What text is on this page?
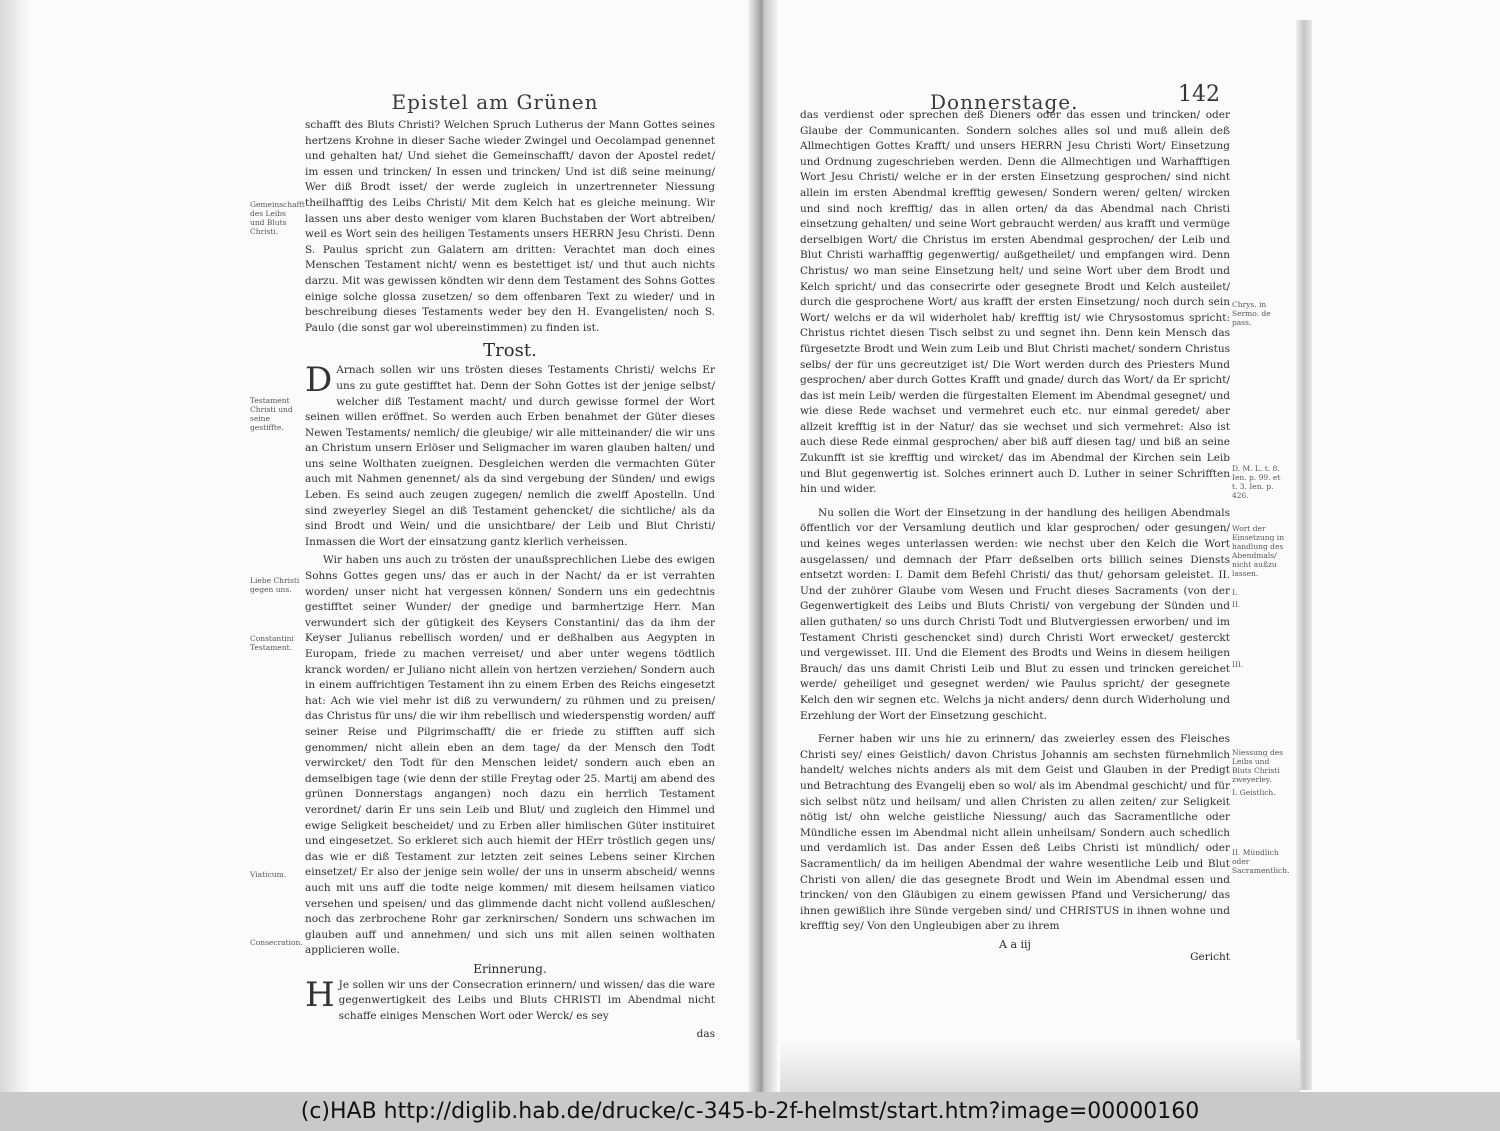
Epistel am Grünen
Gemeinschafft des Leibs und Bluts Christi.
Testament Christi und seine gestiffte.
Liebe Christi gegen uns.
Constantini Testament.
Viaticum.
Consecration.

schafft des Bluts Christi? Welchen Spruch Lutherus der Mann Gottes seines hertzens Krohne in dieser Sache wieder Zwingel und Oecolampad genennet und gehalten hat/ Und siehet die Gemeinschafft/ davon der Apostel redet/ im essen und trincken/ In essen und trincken/ Und ist diß seine meinung/ Wer diß Brodt isset/ der werde zugleich in unzertrenneter Niessung theilhafftig des Leibs Christi/ Mit dem Kelch hat es gleiche meinung. Wir lassen uns aber desto weniger vom klaren Buchstaben der Wort abtreiben/ weil es Wort sein des heiligen Testaments unsers HERRN Jesu Christi. Denn S. Paulus spricht zun Galatern am dritten: Verachtet man doch eines Menschen Testament nicht/ wenn es bestettiget ist/ und thut auch nichts darzu. Mit was gewissen köndten wir denn dem Testament des Sohns Gottes einige solche glossa zusetzen/ so dem offenbaren Text zu wieder/ und in beschreibung dieses Testaments weder bey den H. Evangelisten/ noch S. Paulo (die sonst gar wol ubereinstimmen) zu finden ist.

Trost.

D Arnach sollen wir uns trösten dieses Testaments Christi/ welchs Er uns zu gute gestifftet hat. Denn der Sohn Gottes ist der jenige selbst/ welcher diß Testament macht/ und durch gewisse formel der Wort seinen willen eröffnet. So werden auch Erben benahmet der Güter dieses Newen Testaments/ nemlich/ die gleubige/ wir alle mitteinander/ die wir uns an Christum unsern Erlöser und Seligmacher im waren glauben halten/ und uns seine Wolthaten zueignen. Desgleichen werden die vermachten Güter auch mit Nahmen genennet/ als da sind vergebung der Sünden/ und ewigs Leben. Es seind auch zeugen zugegen/ nemlich die zwelff Apostelln. Und sind zweyerley Siegel an diß Testament gehencket/ die sichtliche/ als da sind Brodt und Wein/ und die unsichtbare/ der Leib und Blut Christi/ Inmassen die Wort der einsatzung gantz klerlich verheissen.

Wir haben uns auch zu trösten der unaußsprechlichen Liebe des ewigen Sohns Gottes gegen uns/ das er auch in der Nacht/ da er ist verrahten worden/ unser nicht hat vergessen können/ Sondern uns ein gedechtnis gestifftet seiner Wunder/ der gnedige und barmhertzige Herr. Man verwundert sich der gütigkeit des Keysers Constantini/ das da ihm der Keyser Julianus rebellisch worden/ und er deßhalben aus Aegypten in Europam, friede zu machen verreiset/ und aber unter wegens tödtlich kranck worden/ er Juliano nicht allein von hertzen verziehen/ Sondern auch in einem auffrichtigen Testament ihn zu einem Erben des Reichs eingesetzt hat: Ach wie viel mehr ist diß zu verwundern/ zu rühmen und zu preisen/ das Christus für uns/ die wir ihm rebellisch und wiederspenstig worden/ auff seiner Reise und Pilgrimschafft/ die er friede zu stifften auff sich genommen/ nicht allein eben an dem tage/ da der Mensch den Todt verwircket/ den Todt für den Menschen leidet/ sondern auch eben an demselbigen tage (wie denn der stille Freytag oder 25. Martij am abend des grünen Donnerstags angangen) noch dazu ein herrlich Testament verordnet/ darin Er uns sein Leib und Blut/ und zugleich den Himmel und ewige Seligkeit bescheidet/ und zu Erben aller himlischen Güter instituiret und eingesetzet. So erkleret sich auch hiemit der HErr tröstlich gegen uns/ das wie er diß Testament zur letzten zeit seines Lebens seiner Kirchen einsetzet/ Er also der jenige sein wolle/ der uns in unserm abscheid/ wenns auch mit uns auff die todte neige kommen/ mit diesem heilsamen viatico versehen und speisen/ und das glimmende dacht nicht vollend außleschen/ noch das zerbrochene Rohr gar zerknirschen/ Sondern uns schwachen im glauben auff und annehmen/ und sich uns mit allen seinen wolthaten applicieren wolle.

Erinnerung.

H Je sollen wir uns der Consecration erinnern/ und wissen/ das die ware gegenwertigkeit des Leibs und Bluts CHRISTI im Abendmal nicht schaffe einiges Menschen Wort oder Werck/ es sey

das
Donnerstage.	142
Chrys. in Sermo. de pass.
D. M. L. t. 8. Ien. p. 99. et t. 3. Ien. p. 426.
Wort der Einsetzung in handlung des Abendmals/ nicht außzu lassen.
I.
II.
III.
Niessung des Leibs und Bluts Christi zweyerley.
I. Geistlich.
II. Mündlich oder Sacramentlich.

das verdienst oder sprechen deß Dieners oder das essen und trincken/ oder Glaube der Communicanten. Sondern solches alles sol und muß allein deß Allmechtigen Gottes Krafft/ und unsers HERRN Jesu Christi Wort/ Einsetzung und Ordnung zugeschrieben werden. Denn die Allmechtigen und Warhafftigen Wort Jesu Christi/ welche er in der ersten Einsetzung gesprochen/ sind nicht allein im ersten Abendmal krefftig gewesen/ Sondern weren/ gelten/ wircken und sind noch krefftig/ das in allen orten/ da das Abendmal nach Christi einsetzung gehalten/ und seine Wort gebraucht werden/ aus krafft und vermüge derselbigen Wort/ die Christus im ersten Abendmal gesprochen/ der Leib und Blut Christi warhafftig gegenwertig/ außgetheilet/ und empfangen wird. Denn Christus/ wo man seine Einsetzung helt/ und seine Wort uber dem Brodt und Kelch spricht/ und das consecrirte oder gesegnete Brodt und Kelch austeilet/ durch die gesprochene Wort/ aus krafft der ersten Einsetzung/ noch durch sein Wort/ welchs er da wil widerholet hab/ krefftig ist/ wie Chrysostomus spricht: Christus richtet diesen Tisch selbst zu und segnet ihn. Denn kein Mensch das fürgesetzte Brodt und Wein zum Leib und Blut Christi machet/ sondern Christus selbs/ der für uns gecreutziget ist/ Die Wort werden durch des Priesters Mund gesprochen/ aber durch Gottes Krafft und gnade/ durch das Wort/ da Er spricht/ das ist mein Leib/ werden die fürgestalten Element im Abendmal gesegnet/ und wie diese Rede wachset und vermehret euch etc. nur einmal geredet/ aber allzeit krefftig ist in der Natur/ das sie wechset und sich vermehret: Also ist auch diese Rede einmal gesprochen/ aber biß auff diesen tag/ und biß an seine Zukunfft ist sie krefftig und wircket/ das im Abendmal der Kirchen sein Leib und Blut gegenwertig ist. Solches erinnert auch D. Luther in seiner Schrifften hin und wider.

Nu sollen die Wort der Einsetzung in der handlung des heiligen Abendmals öffentlich vor der Versamlung deutlich und klar gesprochen/ oder gesungen/ und keines weges unterlassen werden: wie nechst uber den Kelch die Wort ausgelassen/ und demnach der Pfarr deßselben orts billich seines Diensts entsetzt worden: I. Damit dem Befehl Christi/ das thut/ gehorsam geleistet. II. Und der zuhörer Glaube vom Wesen und Frucht dieses Sacraments (von der Gegenwertigkeit des Leibs und Bluts Christi/ von vergebung der Sünden und allen guthaten/ so uns durch Christi Todt und Blutvergiessen erworben/ und im Testament Christi geschencket sind) durch Christi Wort erwecket/ gesterckt und vergewisset. III. Und die Element des Brodts und Weins in diesem heiligen Brauch/ das uns damit Christi Leib und Blut zu essen und trincken gereichet werde/ geheiliget und gesegnet werden/ wie Paulus spricht/ der gesegnete Kelch den wir segnen etc. Welchs ja nicht anders/ denn durch Widerholung und Erzehlung der Wort der Einsetzung geschicht.

Ferner haben wir uns hie zu erinnern/ das zweierley essen des Fleisches Christi sey/ eines Geistlich/ davon Christus Johannis am sechsten fürnehmlich handelt/ welches nichts anders als mit dem Geist und Glauben in der Predigt und Betrachtung des Evangelij eben so wol/ als im Abendmal geschicht/ und für sich selbst nütz und heilsam/ und allen Christen zu allen zeiten/ zur Seligkeit nötig ist/ ohn welche geistliche Niessung/ auch das Sacramentliche oder Mündliche essen im Abendmal nicht allein unheilsam/ Sondern auch schedlich und verdamlich ist. Das ander Essen deß Leibs Christi ist mündlich/ oder Sacramentlich/ da im heiligen Abendmal der wahre wesentliche Leib und Blut Christi von allen/ die das gesegnete Brodt und Wein im Abendmal essen und trincken/ von den Gläubigen zu einem gewissen Pfand und Versicherung/ das ihnen gewißlich ihre Sünde vergeben sind/ und CHRISTUS in ihnen wohne und krefftig sey/ Von den Ungleubigen aber zu ihrem

A a iij
Gericht
(c)HAB http://diglib.hab.de/drucke/c-345-b-2f-helmst/start.htm?image=00000160
